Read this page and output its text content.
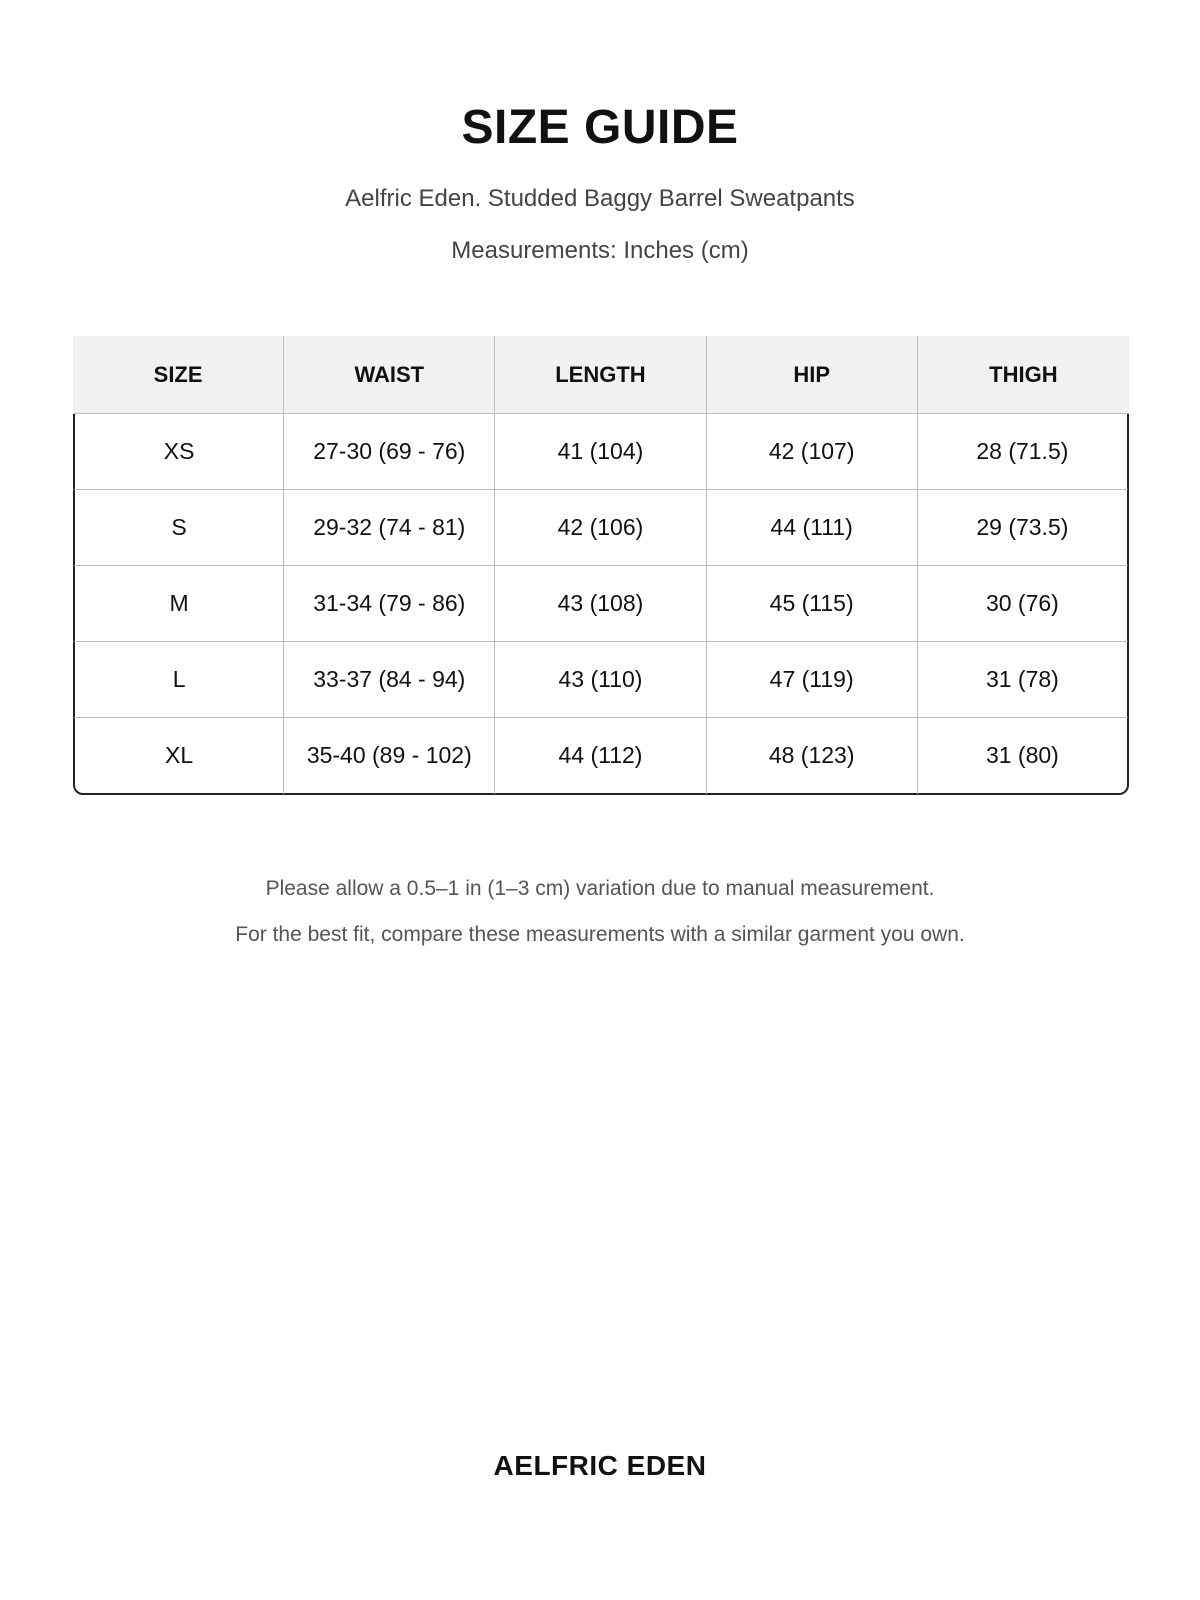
SIZE GUIDE
Aelfric Eden. Studded Baggy Barrel Sweatpants
Measurements: Inches (cm)
SIZE	WAIST	LENGTH	HIP	THIGH
XS	27-30 (69 - 76)	41 (104)	42 (107)	28 (71.5)
S	29-32 (74 - 81)	42 (106)	44 (111)	29 (73.5)
M	31-34 (79 - 86)	43 (108)	45 (115)	30 (76)
L	33-37 (84 - 94)	43 (110)	47 (119)	31 (78)
XL	35-40 (89 - 102)	44 (112)	48 (123)	31 (80)
Please allow a 0.5–1 in (1–3 cm) variation due to manual measurement.
For the best fit, compare these measurements with a similar garment you own.
AELFRIC EDEN
